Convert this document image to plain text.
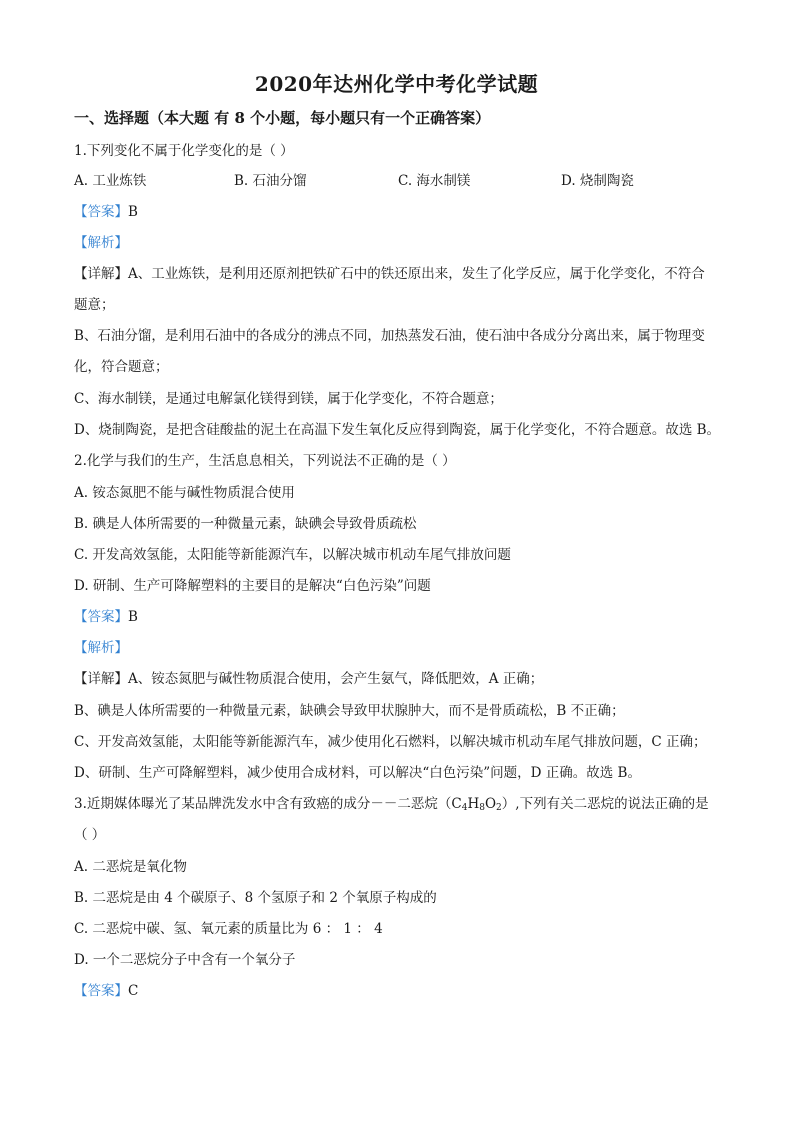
2020年达州化学中考化学试题
一、选择题（本大题 有 8 个小题，每小题只有一个正确答案）
1.下列变化不属于化学变化的是（ ）
A. 工业炼铁	B. 石油分馏	C. 海水制镁	D. 烧制陶瓷
【答案】B
【解析】
【详解】A、工业炼铁，是利用还原剂把铁矿石中的铁还原出来，发生了化学反应，属于化学变化，不符合
题意；
B、石油分馏，是利用石油中的各成分的沸点不同，加热蒸发石油，使石油中各成分分离出来，属于物理变
化，符合题意；
C、海水制镁，是通过电解氯化镁得到镁，属于化学变化，不符合题意；
D、烧制陶瓷，是把含硅酸盐的泥土在高温下发生氧化反应得到陶瓷，属于化学变化，不符合题意。故选 B。
2.化学与我们的生产，生活息息相关，下列说法不正确的是（ ）
A. 铵态氮肥不能与碱性物质混合使用
B. 碘是人体所需要的一种微量元素，缺碘会导致骨质疏松
C. 开发高效氢能，太阳能等新能源汽车，以解决城市机动车尾气排放问题
D. 研制、生产可降解塑料的主要目的是解决“白色污染”问题
【答案】B
【解析】
【详解】A、铵态氮肥与碱性物质混合使用，会产生氨气，降低肥效，A 正确；
B、碘是人体所需要的一种微量元素，缺碘会导致甲状腺肿大，而不是骨质疏松，B 不正确；
C、开发高效氢能，太阳能等新能源汽车，减少使用化石燃料，以解决城市机动车尾气排放问题，C 正确；
D、研制、生产可降解塑料，减少使用合成材料，可以解决“白色污染”问题，D 正确。故选 B。
3.近期媒体曝光了某品牌洗发水中含有致癌的成分－－二恶烷$(C_4H_8O_2)$,下列有关二恶烷的说法正确的是
（ ）
A. 二恶烷是氧化物
B. 二恶烷是由 4 个碳原子、8 个氢原子和 2 个氧原子构成的
C. 二恶烷中碳、氢、氧元素的质量比为 6 ： 1 ： 4
D. 一个二恶烷分子中含有一个氧分子
【答案】C
